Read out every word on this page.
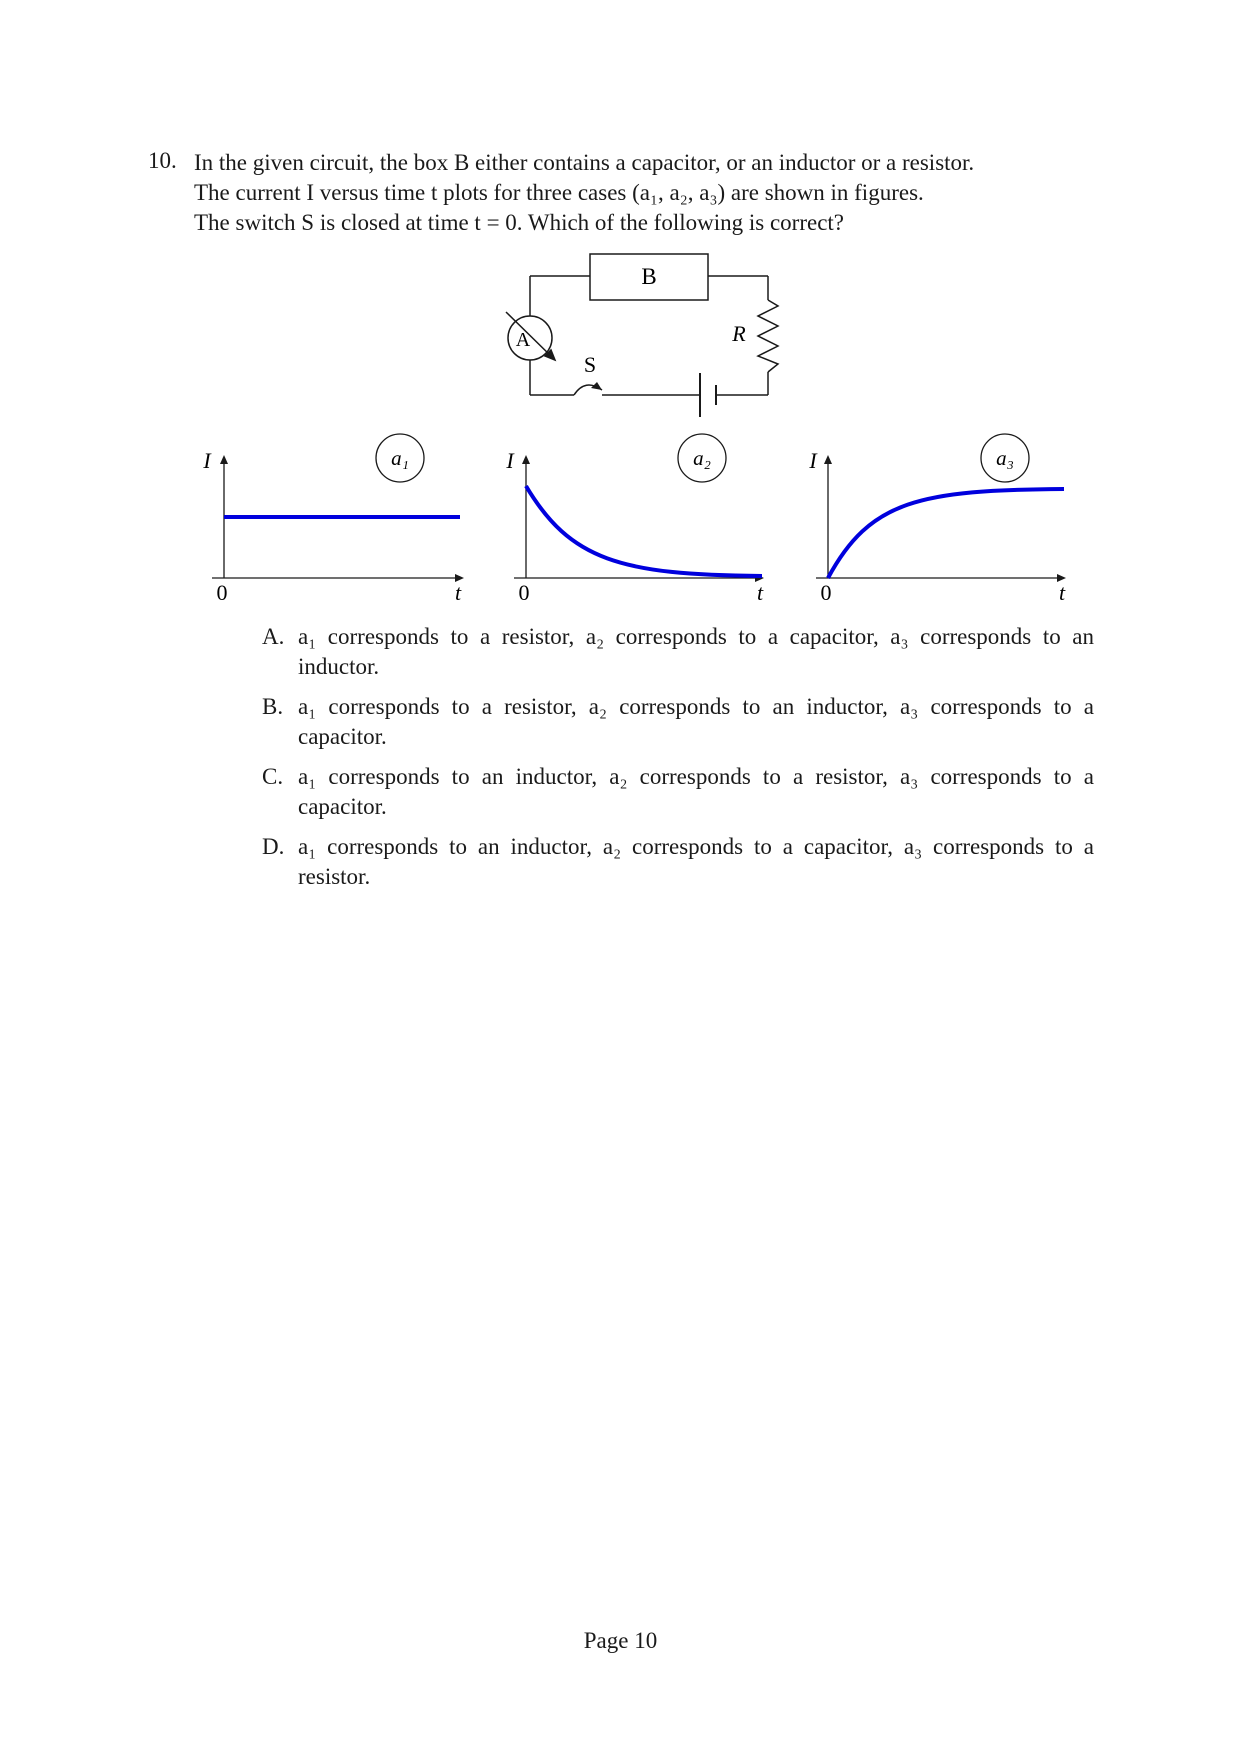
10. In the given circuit, the box B either contains a capacitor, or an inductor or a resistor.

The current I versus time t plots for three cases (a₁, a₂, a₃) are shown in figures.

The switch S is closed at time t = 0. Which of the following is correct?

B
R
S
A
a₁
I
t
0
a₂
I
t
0
a₃
I
t
0
A. a₁ corresponds to a resistor, a₂ corresponds to a capacitor, a₃ corresponds to an inductor.
B. a₁ corresponds to a resistor, a₂ corresponds to an inductor, a₃ corresponds to a capacitor.
C. a₁ corresponds to an inductor, a₂ corresponds to a resistor, a₃ corresponds to a capacitor.
D. a₁ corresponds to an inductor, a₂ corresponds to a capacitor, a₃ corresponds to a resistor.
Page 10
